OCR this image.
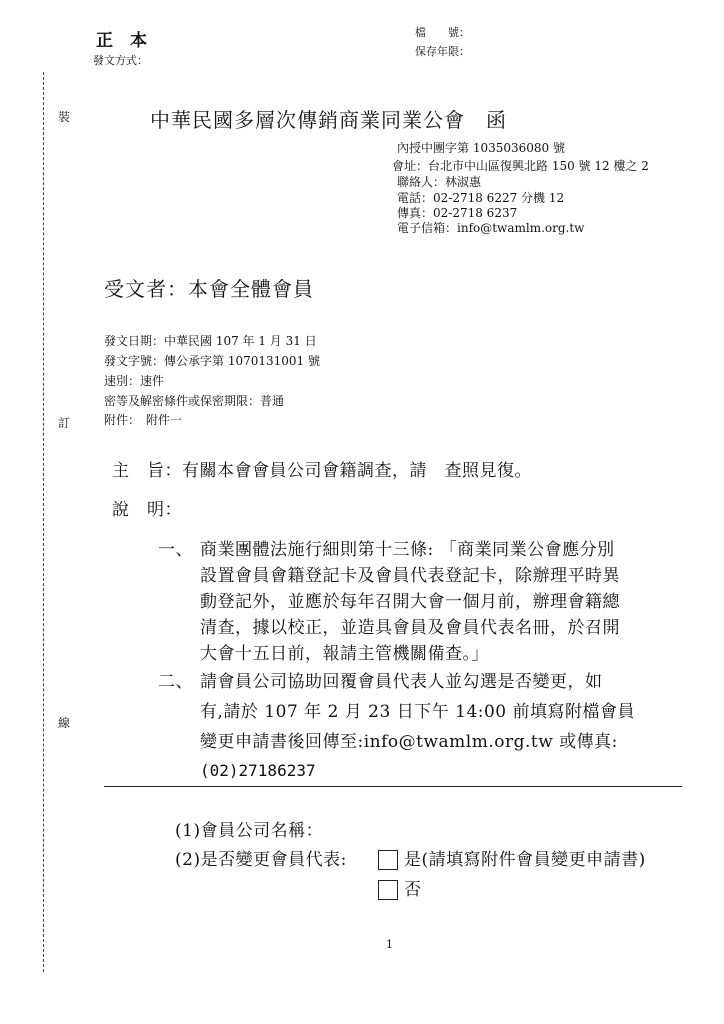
正　本
發文方式：
檔　　號：
保存年限：
裝
訂
線
中華民國多層次傳銷商業同業公會　函
內授中團字第 1035036080 號
會址：台北市中山區復興北路 150 號 12 樓之 2
聯絡人：林淑惠
電話：02-2718 6227 分機 12
傳真：02-2718 6237
電子信箱：info@twamlm.org.tw
受文者：本會全體會員
發文日期：中華民國 107 年 1 月 31 日
發文字號：傳公承字第 1070131001 號
速別：速件
密等及解密條件或保密期限：普通
附件：　附件一
主　旨：有關本會會員公司會籍調查，請　查照見復。
說　明：
一、 商業團體法施行細則第十三條: 「商業同業公會應分別
設置會員會籍登記卡及會員代表登記卡，除辦理平時異
動登記外，並應於每年召開大會一個月前，辦理會籍總
清查，據以校正，並造具會員及會員代表名冊，於召開
大會十五日前，報請主管機關備查。」
二、 請會員公司協助回覆會員代表人並勾選是否變更，如
有,請於 107 年 2 月 23 日下午 14:00 前填寫附檔會員
變更申請書後回傳至:info@twamlm.org.tw 或傳真:
(02)27186237
(1)會員公司名稱：
(2)是否變更會員代表:	是(請填寫附件會員變更申請書)
否
1
